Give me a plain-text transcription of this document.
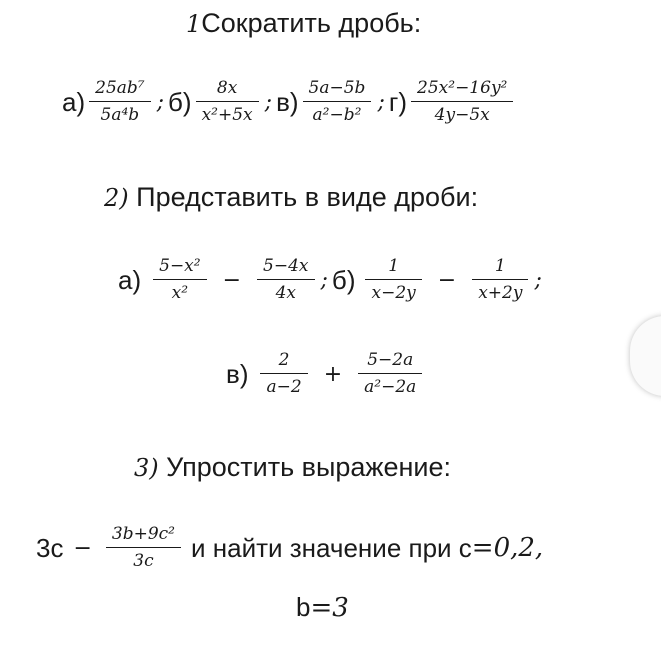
1Сократить дробь:
$а) \frac{\text{25ab⁷}}{\text{5a⁴b}}$ ; $б) \frac{8x}{\text{x²+5x}}$ ; $в) \frac{5a-5b}{\text{a²−b²}}$ ; $г) \frac{\text{25x²−16y²}}{4y-5x}$
2) Представить в виде дроби:
$а) \frac{\text{5−x²}}{\text{x²}} - \frac{5-4x}{4x}$ ; $б) \frac{1}{x-2y} - \frac{1}{x+2y}$ ;
$в) \frac{2}{a-2} + \frac{5-2a}{\text{a²−2a}}$
3) Упростить выражение:
$3c - \frac{\text{3b+9c²}}{3c}$ и найти значение при c =0,2,
b=3
